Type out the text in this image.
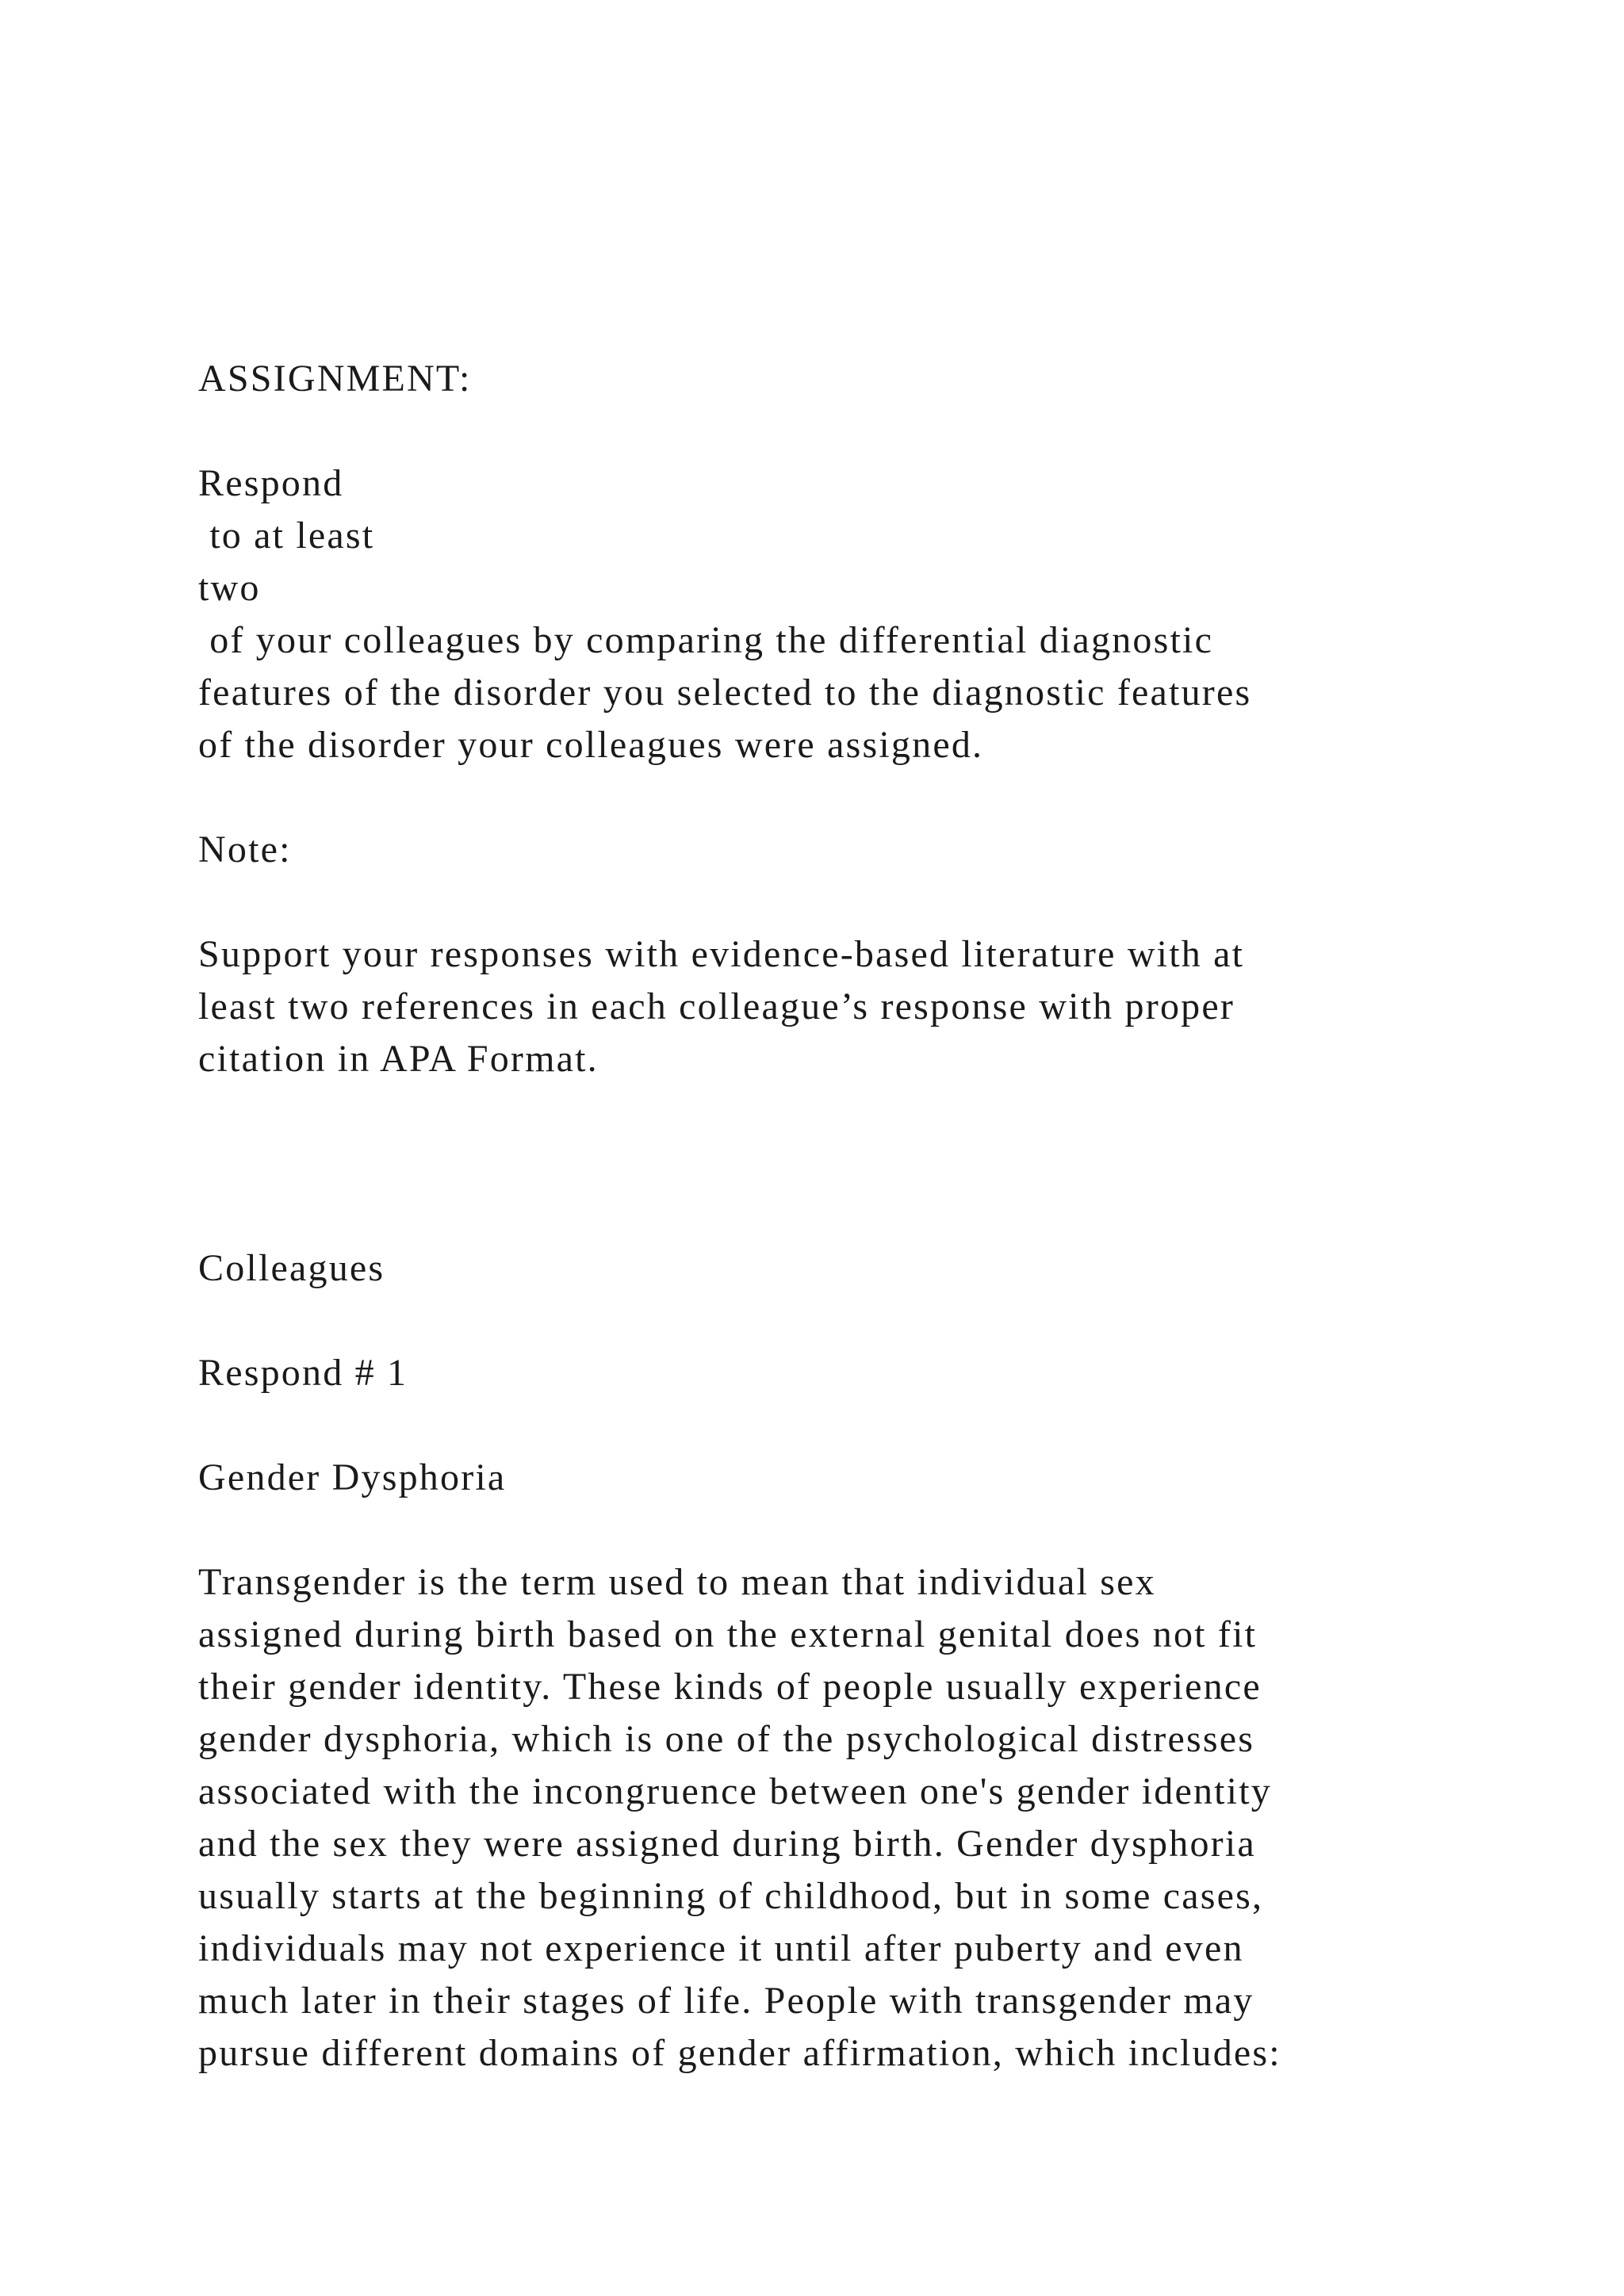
ASSIGNMENT:
Respond
to at least
two
of your colleagues by comparing the differential diagnostic
features of the disorder you selected to the diagnostic features
of the disorder your colleagues were assigned.
Note:
Support your responses with evidence-based literature with at
least two references in each colleague’s response with proper
citation in APA Format.
Colleagues
Respond # 1
Gender Dysphoria
Transgender is the term used to mean that individual sex
assigned during birth based on the external genital does not fit
their gender identity. These kinds of people usually experience
gender dysphoria, which is one of the psychological distresses
associated with the incongruence between one's gender identity
and the sex they were assigned during birth. Gender dysphoria
usually starts at the beginning of childhood, but in some cases,
individuals may not experience it until after puberty and even
much later in their stages of life. People with transgender may
pursue different domains of gender affirmation, which includes:
